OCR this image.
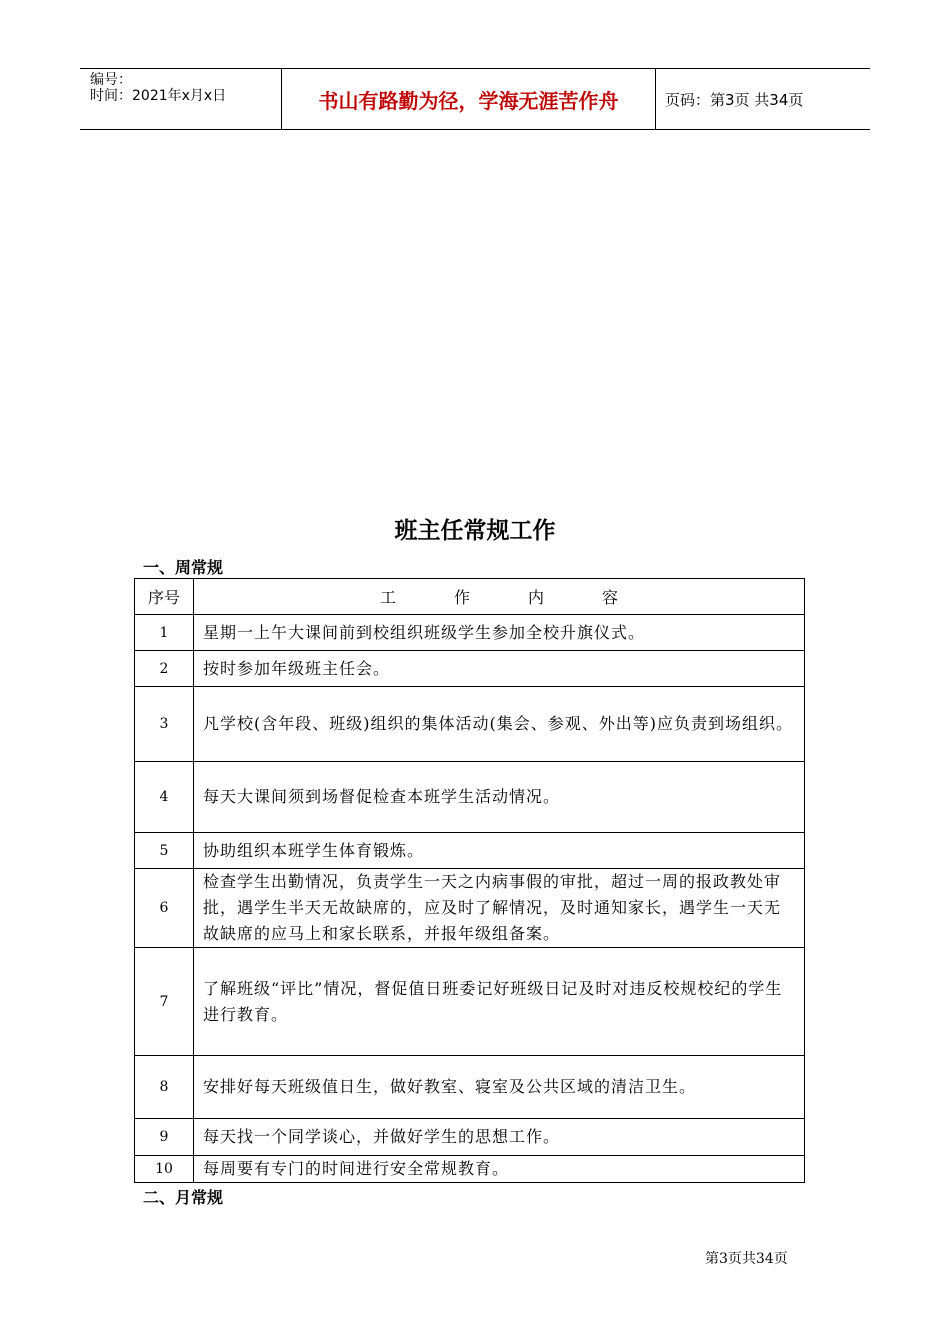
编号：
时间：2021年x月x日	书山有路勤为径，学海无涯苦作舟	页码：第3页 共34页
班主任常规工作
一、周常规
序号	工作内容
1	星期一上午大课间前到校组织班级学生参加全校升旗仪式。
2	按时参加年级班主任会。
3	凡学校(含年段、班级)组织的集体活动(集会、参观、外出等)应负责到场组织。
4	每天大课间须到场督促检查本班学生活动情况。
5	协助组织本班学生体育锻炼。
6	检查学生出勤情况，负责学生一天之内病事假的审批，超过一周的报政教处审批，遇学生半天无故缺席的，应及时了解情况，及时通知家长，遇学生一天无故缺席的应马上和家长联系，并报年级组备案。
7	了解班级“评比”情况，督促值日班委记好班级日记及时对违反校规校纪的学生进行教育。
8	安排好每天班级值日生，做好教室、寝室及公共区域的清洁卫生。
9	每天找一个同学谈心，并做好学生的思想工作。
10	每周要有专门的时间进行安全常规教育。
二、月常规
第3页共34页
